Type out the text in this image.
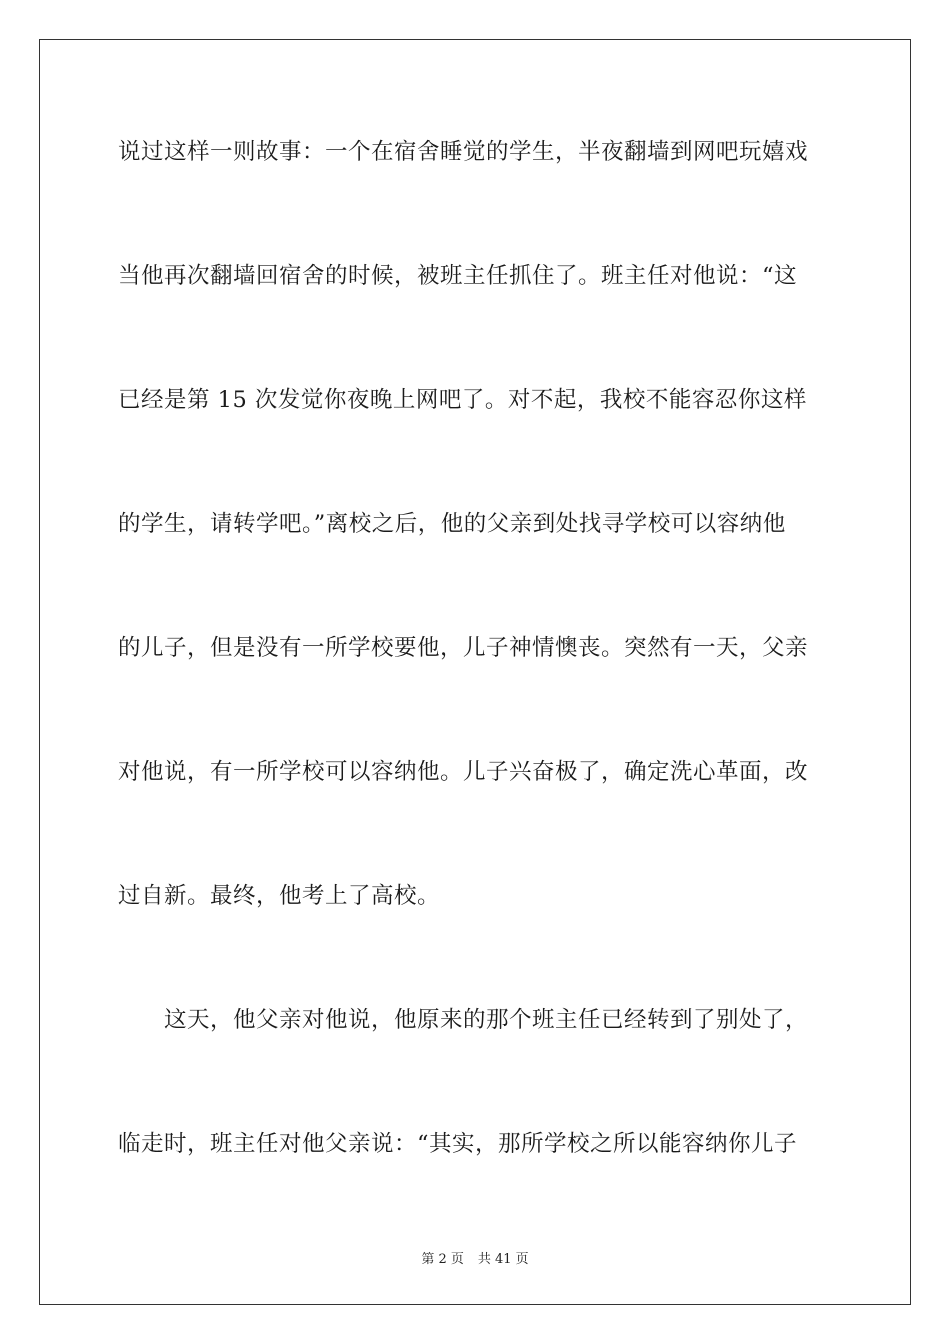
说过这样一则故事：一个在宿舍睡觉的学生，半夜翻墙到网吧玩嬉戏
当他再次翻墙回宿舍的时候，被班主任抓住了。班主任对他说：“这
已经是第 15 次发觉你夜晚上网吧了。对不起，我校不能容忍你这样
的学生，请转学吧。”离校之后，他的父亲到处找寻学校可以容纳他
的儿子，但是没有一所学校要他，儿子神情懊丧。突然有一天，父亲
对他说，有一所学校可以容纳他。儿子兴奋极了，确定洗心革面，改
过自新。最终，他考上了高校。
这天，他父亲对他说，他原来的那个班主任已经转到了别处了，
临走时，班主任对他父亲说：“其实，那所学校之所以能容纳你儿子
第 2 页 共 41 页
